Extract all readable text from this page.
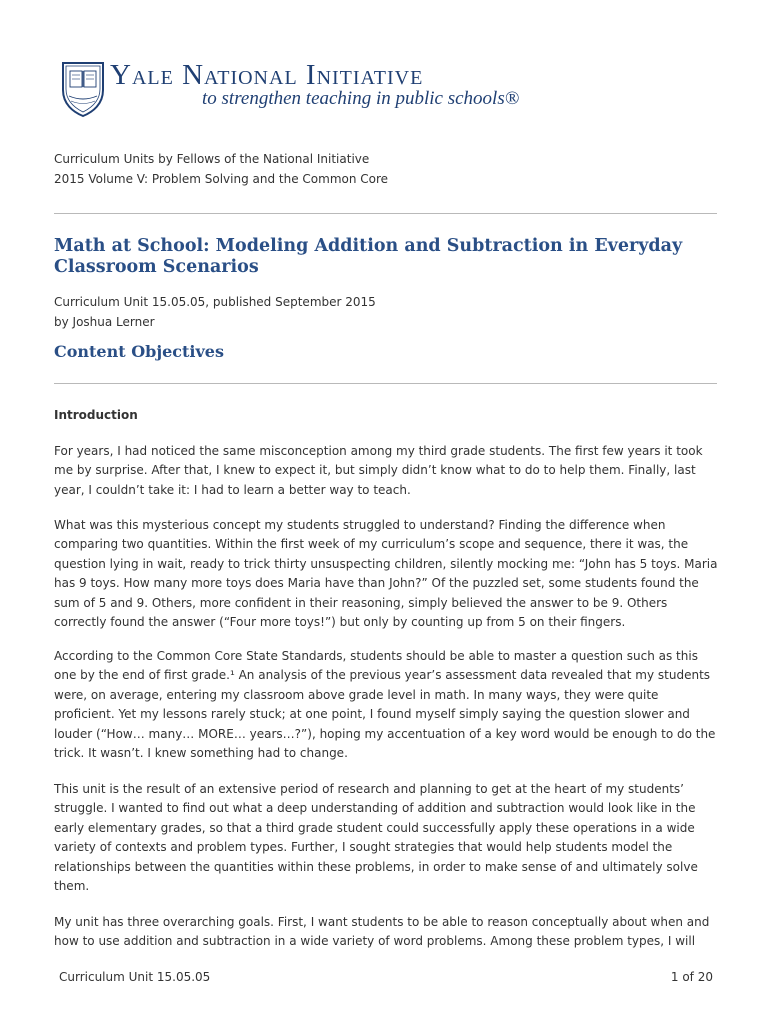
Yale National Initiative
to strengthen teaching in public schools®
Curriculum Units by Fellows of the National Initiative
2015 Volume V: Problem Solving and the Common Core
Math at School: Modeling Addition and Subtraction in Everyday Classroom Scenarios
Curriculum Unit 15.05.05, published September 2015
by Joshua Lerner
Content Objectives
Introduction

For years, I had noticed the same misconception among my third grade students. The first few years it took me by surprise. After that, I knew to expect it, but simply didn’t know what to do to help them. Finally, last year, I couldn’t take it: I had to learn a better way to teach.

What was this mysterious concept my students struggled to understand? Finding the difference when comparing two quantities. Within the first week of my curriculum’s scope and sequence, there it was, the question lying in wait, ready to trick thirty unsuspecting children, silently mocking me: “John has 5 toys. Maria has 9 toys. How many more toys does Maria have than John?” Of the puzzled set, some students found the sum of 5 and 9. Others, more confident in their reasoning, simply believed the answer to be 9. Others correctly found the answer (“Four more toys!”) but only by counting up from 5 on their fingers.

According to the Common Core State Standards, students should be able to master a question such as this one by the end of first grade.¹ An analysis of the previous year’s assessment data revealed that my students were, on average, entering my classroom above grade level in math. In many ways, they were quite proficient. Yet my lessons rarely stuck; at one point, I found myself simply saying the question slower and louder (“How… many… MORE… years…?”), hoping my accentuation of a key word would be enough to do the trick. It wasn’t. I knew something had to change.

This unit is the result of an extensive period of research and planning to get at the heart of my students’ struggle. I wanted to find out what a deep understanding of addition and subtraction would look like in the early elementary grades, so that a third grade student could successfully apply these operations in a wide variety of contexts and problem types. Further, I sought strategies that would help students model the relationships between the quantities within these problems, in order to make sense of and ultimately solve them.

My unit has three overarching goals. First, I want students to be able to reason conceptually about when and how to use addition and subtraction in a wide variety of word problems. Among these problem types, I will

Curriculum Unit 15.05.05	1 of 20
